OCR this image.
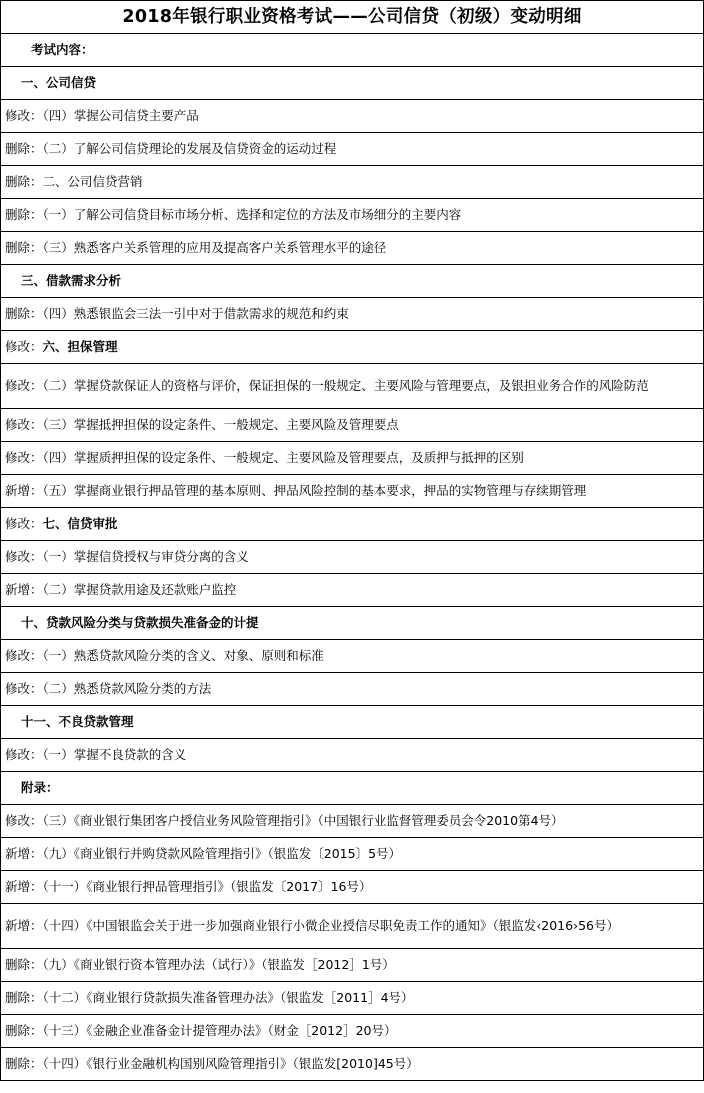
2018年银行职业资格考试——公司信贷（初级）变动明细
考试内容：
一、公司信贷
修改：（四）掌握公司信贷主要产品
删除：（二）了解公司信贷理论的发展及信贷资金的运动过程
删除：二、公司信贷营销
删除：（一）了解公司信贷目标市场分析、选择和定位的方法及市场细分的主要内容
删除：（三）熟悉客户关系管理的应用及提高客户关系管理水平的途径
三、借款需求分析
删除：（四）熟悉银监会三法一引中对于借款需求的规范和约束
修改：六、担保管理
修改：（二）掌握贷款保证人的资格与评价，保证担保的一般规定、主要风险与管理要点，及银担业务合作的风险防范
修改：（三）掌握抵押担保的设定条件、一般规定、主要风险及管理要点
修改：（四）掌握质押担保的设定条件、一般规定、主要风险及管理要点，及质押与抵押的区别
新增：（五）掌握商业银行押品管理的基本原则、押品风险控制的基本要求，押品的实物管理与存续期管理
修改：七、信贷审批
修改：（一）掌握信贷授权与审贷分离的含义
新增：（二）掌握贷款用途及还款账户监控
十、贷款风险分类与贷款损失准备金的计提
修改：（一）熟悉贷款风险分类的含义、对象、原则和标准
修改：（二）熟悉贷款风险分类的方法
十一、不良贷款管理
修改：（一）掌握不良贷款的含义
附录：
修改：（三）《商业银行集团客户授信业务风险管理指引》（中国银行业监督管理委员会令2010第4号）
新增：（九）《商业银行并购贷款风险管理指引》（银监发〔2015〕5号）
新增：（十一）《商业银行押品管理指引》（银监发〔2017〕16号）
新增：（十四）《中国银监会关于进一步加强商业银行小微企业授信尽职免责工作的通知》（银监发‹2016›56号）
删除：（九）《商业银行资本管理办法（试行）》（银监发［2012］1号）
删除：（十二）《商业银行贷款损失准备管理办法》（银监发［2011］4号）
删除：（十三）《金融企业准备金计提管理办法》（财金［2012］20号）
删除：（十四）《银行业金融机构国别风险管理指引》（银监发[2010]45号）
